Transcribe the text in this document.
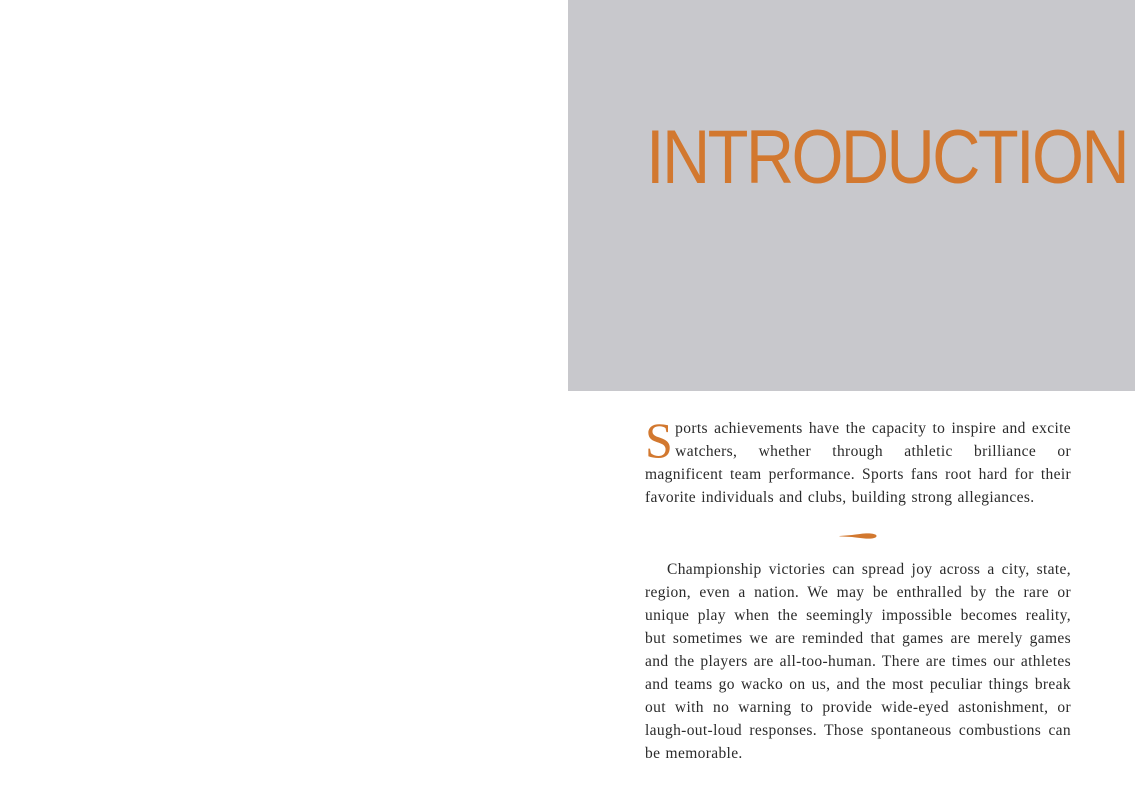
INTRODUCTION

Sports achievements have the capacity to inspire and excite watchers, whether through athletic brilliance or magnificent team performance. Sports fans root hard for their favorite individuals and clubs, building strong allegiances.

Championship victories can spread joy across a city, state, region, even a nation. We may be enthralled by the rare or unique play when the seemingly impossible becomes reality, but sometimes we are reminded that games are merely games and the players are all-too-human. There are times our athletes and teams go wacko on us, and the most peculiar things break out with no warning to provide wide-eyed astonishment, or laugh-out-loud responses. Those spontaneous combustions can be memorable.
